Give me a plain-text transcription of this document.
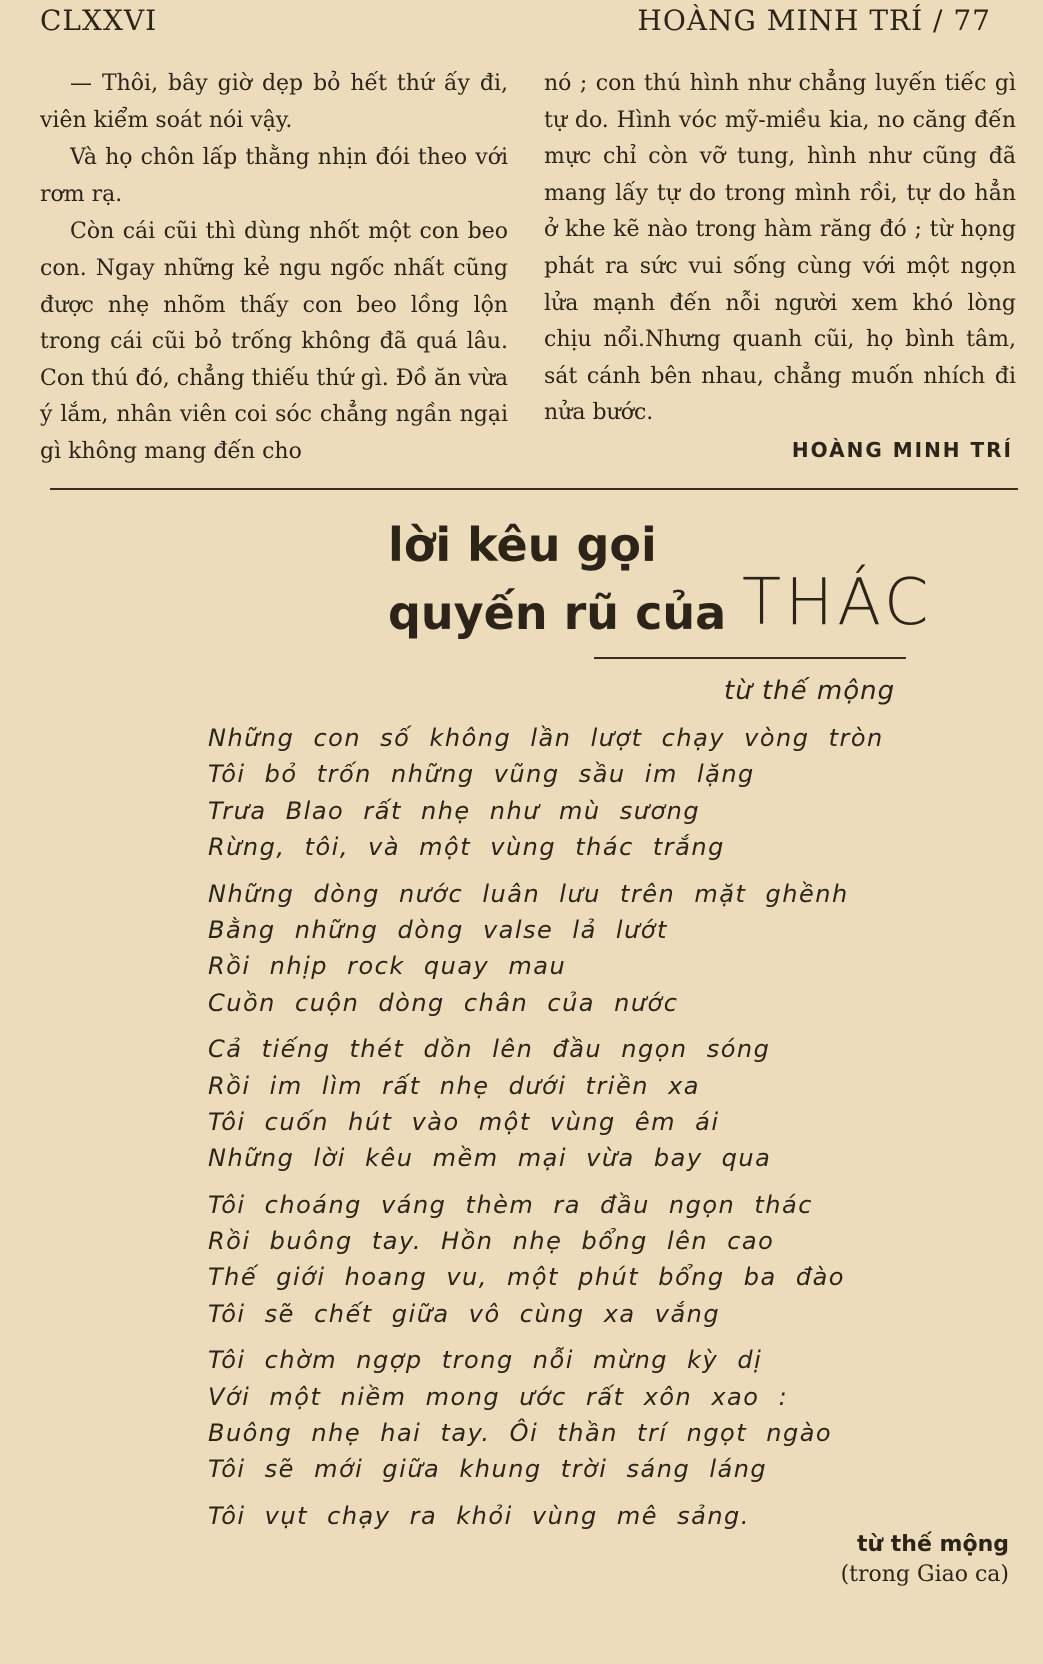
CLXXVI	HOÀNG MINH TRÍ / 77

— Thôi, bây giờ dẹp bỏ hết thứ ấy đi, viên kiểm soát nói vậy.

Và họ chôn lấp thằng nhịn đói theo với rơm rạ.

Còn cái cũi thì dùng nhốt một con beo con. Ngay những kẻ ngu ngốc nhất cũng được nhẹ nhõm thấy con beo lồng lộn trong cái cũi bỏ trống không đã quá lâu. Con thú đó, chẳng thiếu thứ gì. Đồ ăn vừa ý lắm, nhân viên coi sóc chẳng ngần ngại gì không mang đến cho

nó ; con thú hình như chẳng luyến tiếc gì tự do. Hình vóc mỹ-miều kia, no căng đến mực chỉ còn vỡ tung, hình như cũng đã mang lấy tự do trong mình rồi, tự do hẳn ở khe kẽ nào trong hàm răng đó ; từ họng phát ra sức vui sống cùng với một ngọn lửa mạnh đến nỗi người xem khó lòng chịu nổi.Nhưng quanh cũi, họ bình tâm, sát cánh bên nhau, chẳng muốn nhích đi nửa bước.

HOÀNG MINH TRÍ
lời kêu gọi
quyến rũ của THÁC
từ thế mộng
Những con số không lần lượt chạy vòng tròn
Tôi bỏ trốn những vũng sầu im lặng
Trưa Blao rất nhẹ như mù sương
Rừng, tôi, và một vùng thác trắng
Những dòng nước luân lưu trên mặt ghềnh
Bằng những dòng valse lả lướt
Rồi nhịp rock quay mau
Cuồn cuộn dòng chân của nước
Cả tiếng thét dồn lên đầu ngọn sóng
Rồi im lìm rất nhẹ dưới triền xa
Tôi cuốn hút vào một vùng êm ái
Những lời kêu mềm mại vừa bay qua
Tôi choáng váng thèm ra đầu ngọn thác
Rồi buông tay. Hồn nhẹ bổng lên cao
Thế giới hoang vu, một phút bổng ba đào
Tôi sẽ chết giữa vô cùng xa vắng
Tôi chờm ngợp trong nỗi mừng kỳ dị
Với một niềm mong ước rất xôn xao :
Buông nhẹ hai tay. Ôi thần trí ngọt ngào
Tôi sẽ mới giữa khung trời sáng láng
Tôi vụt chạy ra khỏi vùng mê sảng.
từ thế mộng
(trong Giao ca)
